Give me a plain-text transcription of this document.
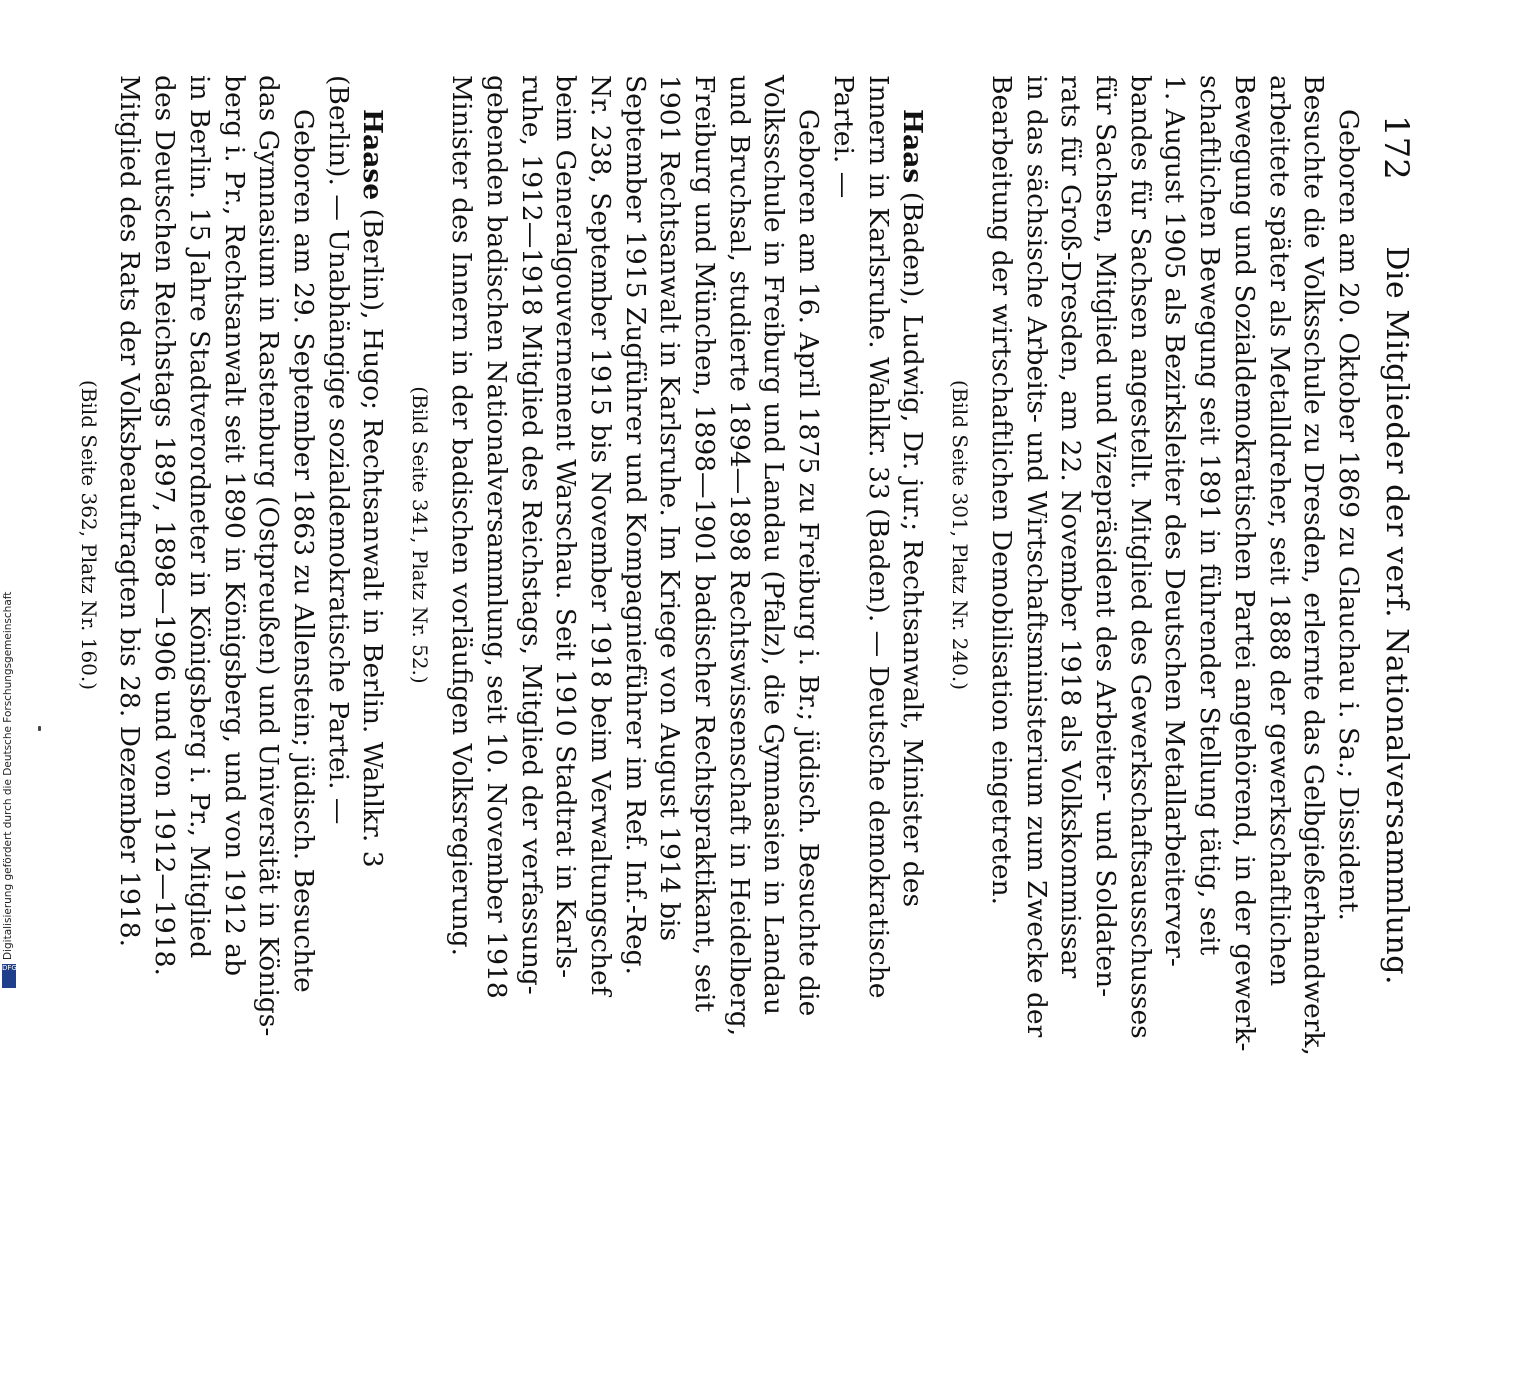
172
Die Mitglieder der verf. Nationalversammlung.
Geboren am 20. Oktober 1869 zu Glauchau i. Sa.; Dissident.
Besuchte die Volksschule zu Dresden, erlernte das Gelbgießerhandwerk,
arbeitete später als Metalldreher, seit 1888 der gewerkschaftlichen
Bewegung und Sozialdemokratischen Partei angehörend, in der gewerk-
schaftlichen Bewegung seit 1891 in führender Stellung tätig, seit
1. August 1905 als Bezirksleiter des Deutschen Metallarbeiterver-
bandes für Sachsen angestellt. Mitglied des Gewerkschaftsausschusses
für Sachsen, Mitglied und Vizepräsident des Arbeiter- und Soldaten-
rats für Groß-Dresden, am 22. November 1918 als Volkskommissar
in das sächsische Arbeits- und Wirtschaftsministerium zum Zwecke der
Bearbeitung der wirtschaftlichen Demobilisation eingetreten.
(Bild Seite 301, Platz Nr. 240.)
Haas (Baden), Ludwig, Dr. jur.; Rechtsanwalt, Minister des
Innern in Karlsruhe. Wahlkr. 33 (Baden). — Deutsche demokratische
Partei. —
Geboren am 16. April 1875 zu Freiburg i. Br.; jüdisch. Besuchte die
Volksschule in Freiburg und Landau (Pfalz), die Gymnasien in Landau
und Bruchsal, studierte 1894—1898 Rechtswissenschaft in Heidelberg,
Freiburg und München, 1898—1901 badischer Rechtspraktikant, seit
1901 Rechtsanwalt in Karlsruhe. Im Kriege von August 1914 bis
September 1915 Zugführer und Kompagnieführer im Ref. Inf.-Reg.
Nr. 238, September 1915 bis November 1918 beim Verwaltungschef
beim Generalgouvernement Warschau. Seit 1910 Stadtrat in Karls-
ruhe, 1912—1918 Mitglied des Reichstags, Mitglied der verfassung-
gebenden badischen Nationalversammlung, seit 10. November 1918
Minister des Innern in der badischen vorläufigen Volksregierung.
(Bild Seite 341, Platz Nr. 52.)
Haase (Berlin), Hugo; Rechtsanwalt in Berlin. Wahlkr. 3
(Berlin). — Unabhängige sozialdemokratische Partei. —
Geboren am 29. September 1863 zu Allenstein; jüdisch. Besuchte
das Gymnasium in Rastenburg (Ostpreußen) und Universität in Königs-
berg i. Pr., Rechtsanwalt seit 1890 in Königsberg, und von 1912 ab
in Berlin. 15 Jahre Stadtverordneter in Königsberg i. Pr., Mitglied
des Deutschen Reichstags 1897, 1898—1906 und von 1912—1918.
Mitglied des Rats der Volksbeauftragten bis 28. Dezember 1918.
(Bild Seite 362, Platz Nr. 160.)
Digitalisierung gefördert durch die Deutsche Forschungsgemeinschaft
DFG
